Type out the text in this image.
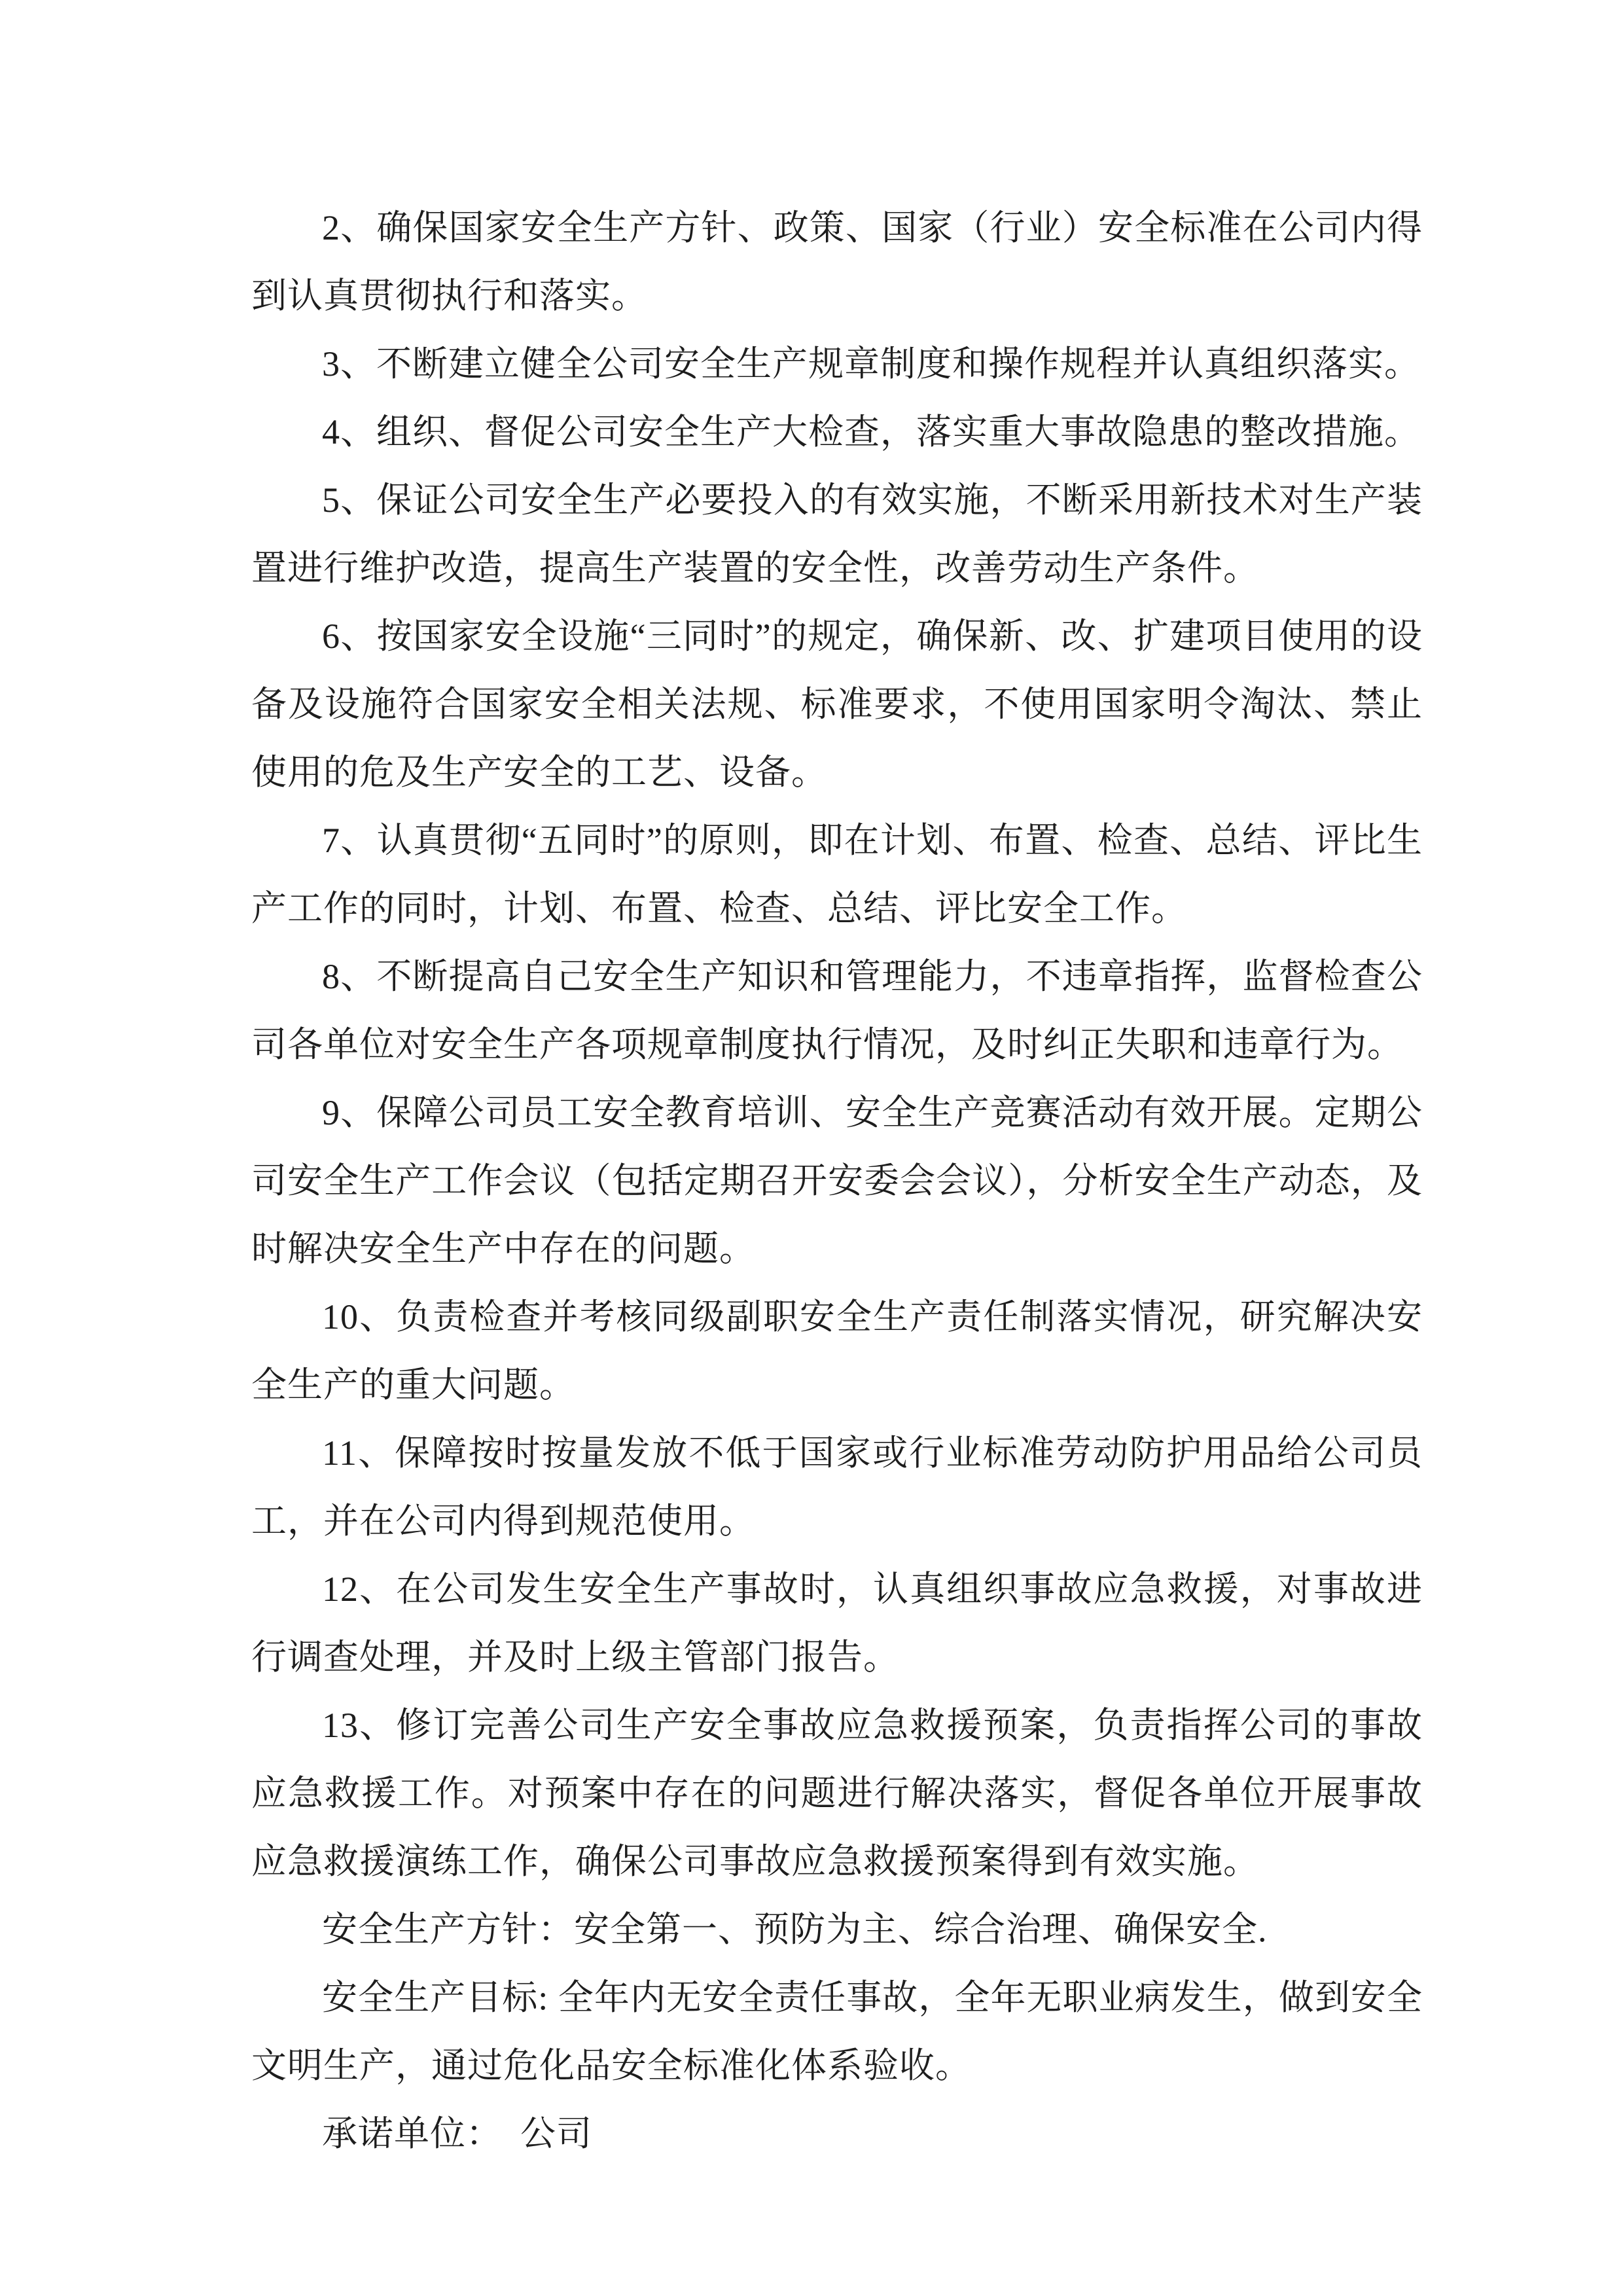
2、确保国家安全生产方针、政策、国家（行业）安全标准在公司内得到认真贯彻执行和落实。

3、不断建立健全公司安全生产规章制度和操作规程并认真组织落实。

4、组织、督促公司安全生产大检查，落实重大事故隐患的整改措施。

5、保证公司安全生产必要投入的有效实施，不断采用新技术对生产装置进行维护改造，提高生产装置的安全性，改善劳动生产条件。

6、按国家安全设施“三同时”的规定，确保新、改、扩建项目使用的设备及设施符合国家安全相关法规、标准要求，不使用国家明令淘汰、禁止使用的危及生产安全的工艺、设备。

7、认真贯彻“五同时”的原则，即在计划、布置、检查、总结、评比生产工作的同时，计划、布置、检查、总结、评比安全工作。

8、不断提高自己安全生产知识和管理能力，不违章指挥，监督检查公司各单位对安全生产各项规章制度执行情况，及时纠正失职和违章行为。

9、保障公司员工安全教育培训、安全生产竞赛活动有效开展。定期公司安全生产工作会议（包括定期召开安委会会议），分析安全生产动态，及时解决安全生产中存在的问题。

10、负责检查并考核同级副职安全生产责任制落实情况，研究解决安全生产的重大问题。

11、保障按时按量发放不低于国家或行业标准劳动防护用品给公司员工，并在公司内得到规范使用。

12、在公司发生安全生产事故时，认真组织事故应急救援，对事故进行调查处理，并及时上级主管部门报告。

13、修订完善公司生产安全事故应急救援预案，负责指挥公司的事故应急救援工作。对预案中存在的问题进行解决落实，督促各单位开展事故应急救援演练工作，确保公司事故应急救援预案得到有效实施。

安全生产方针：安全第一、预防为主、综合治理、确保安全.

安全生产目标: 全年内无安全责任事故，全年无职业病发生，做到安全文明生产，通过危化品安全标准化体系验收。

承诺单位：　公司
